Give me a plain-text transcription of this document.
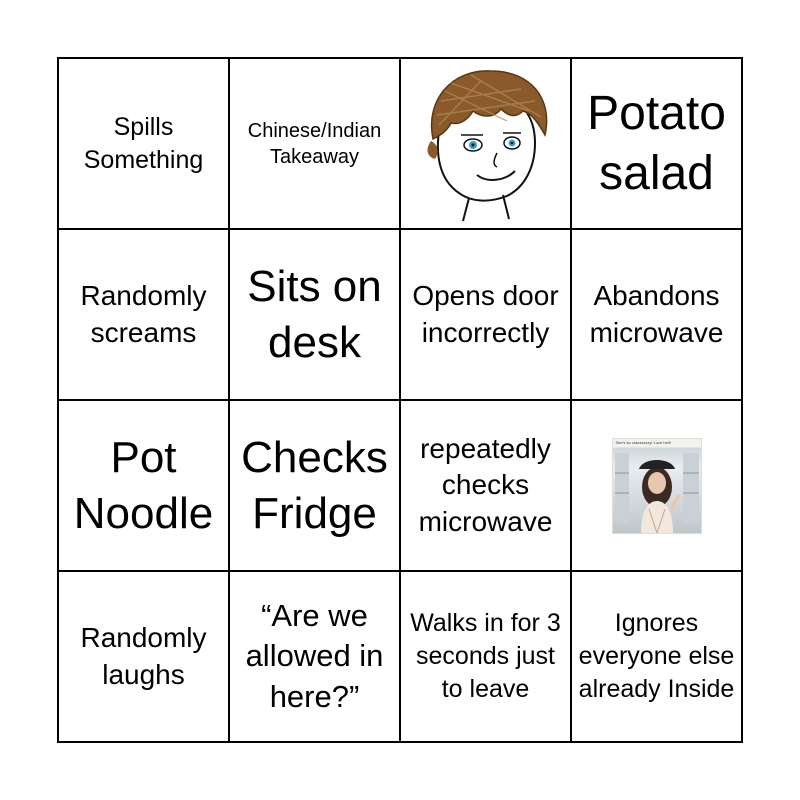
Spills Something
Chinese/Indian Takeaway
Potato salad
Randomly screams
Sits on desk
Opens door incorrectly
Abandons microwave
Pot Noodle
Checks Fridge
repeatedly checks microwave
She's so crazzzzzzy! Love her!!
Randomly laughs
“Are we allowed in here?”
Walks in for 3 seconds just to leave
Ignores everyone else already Inside
